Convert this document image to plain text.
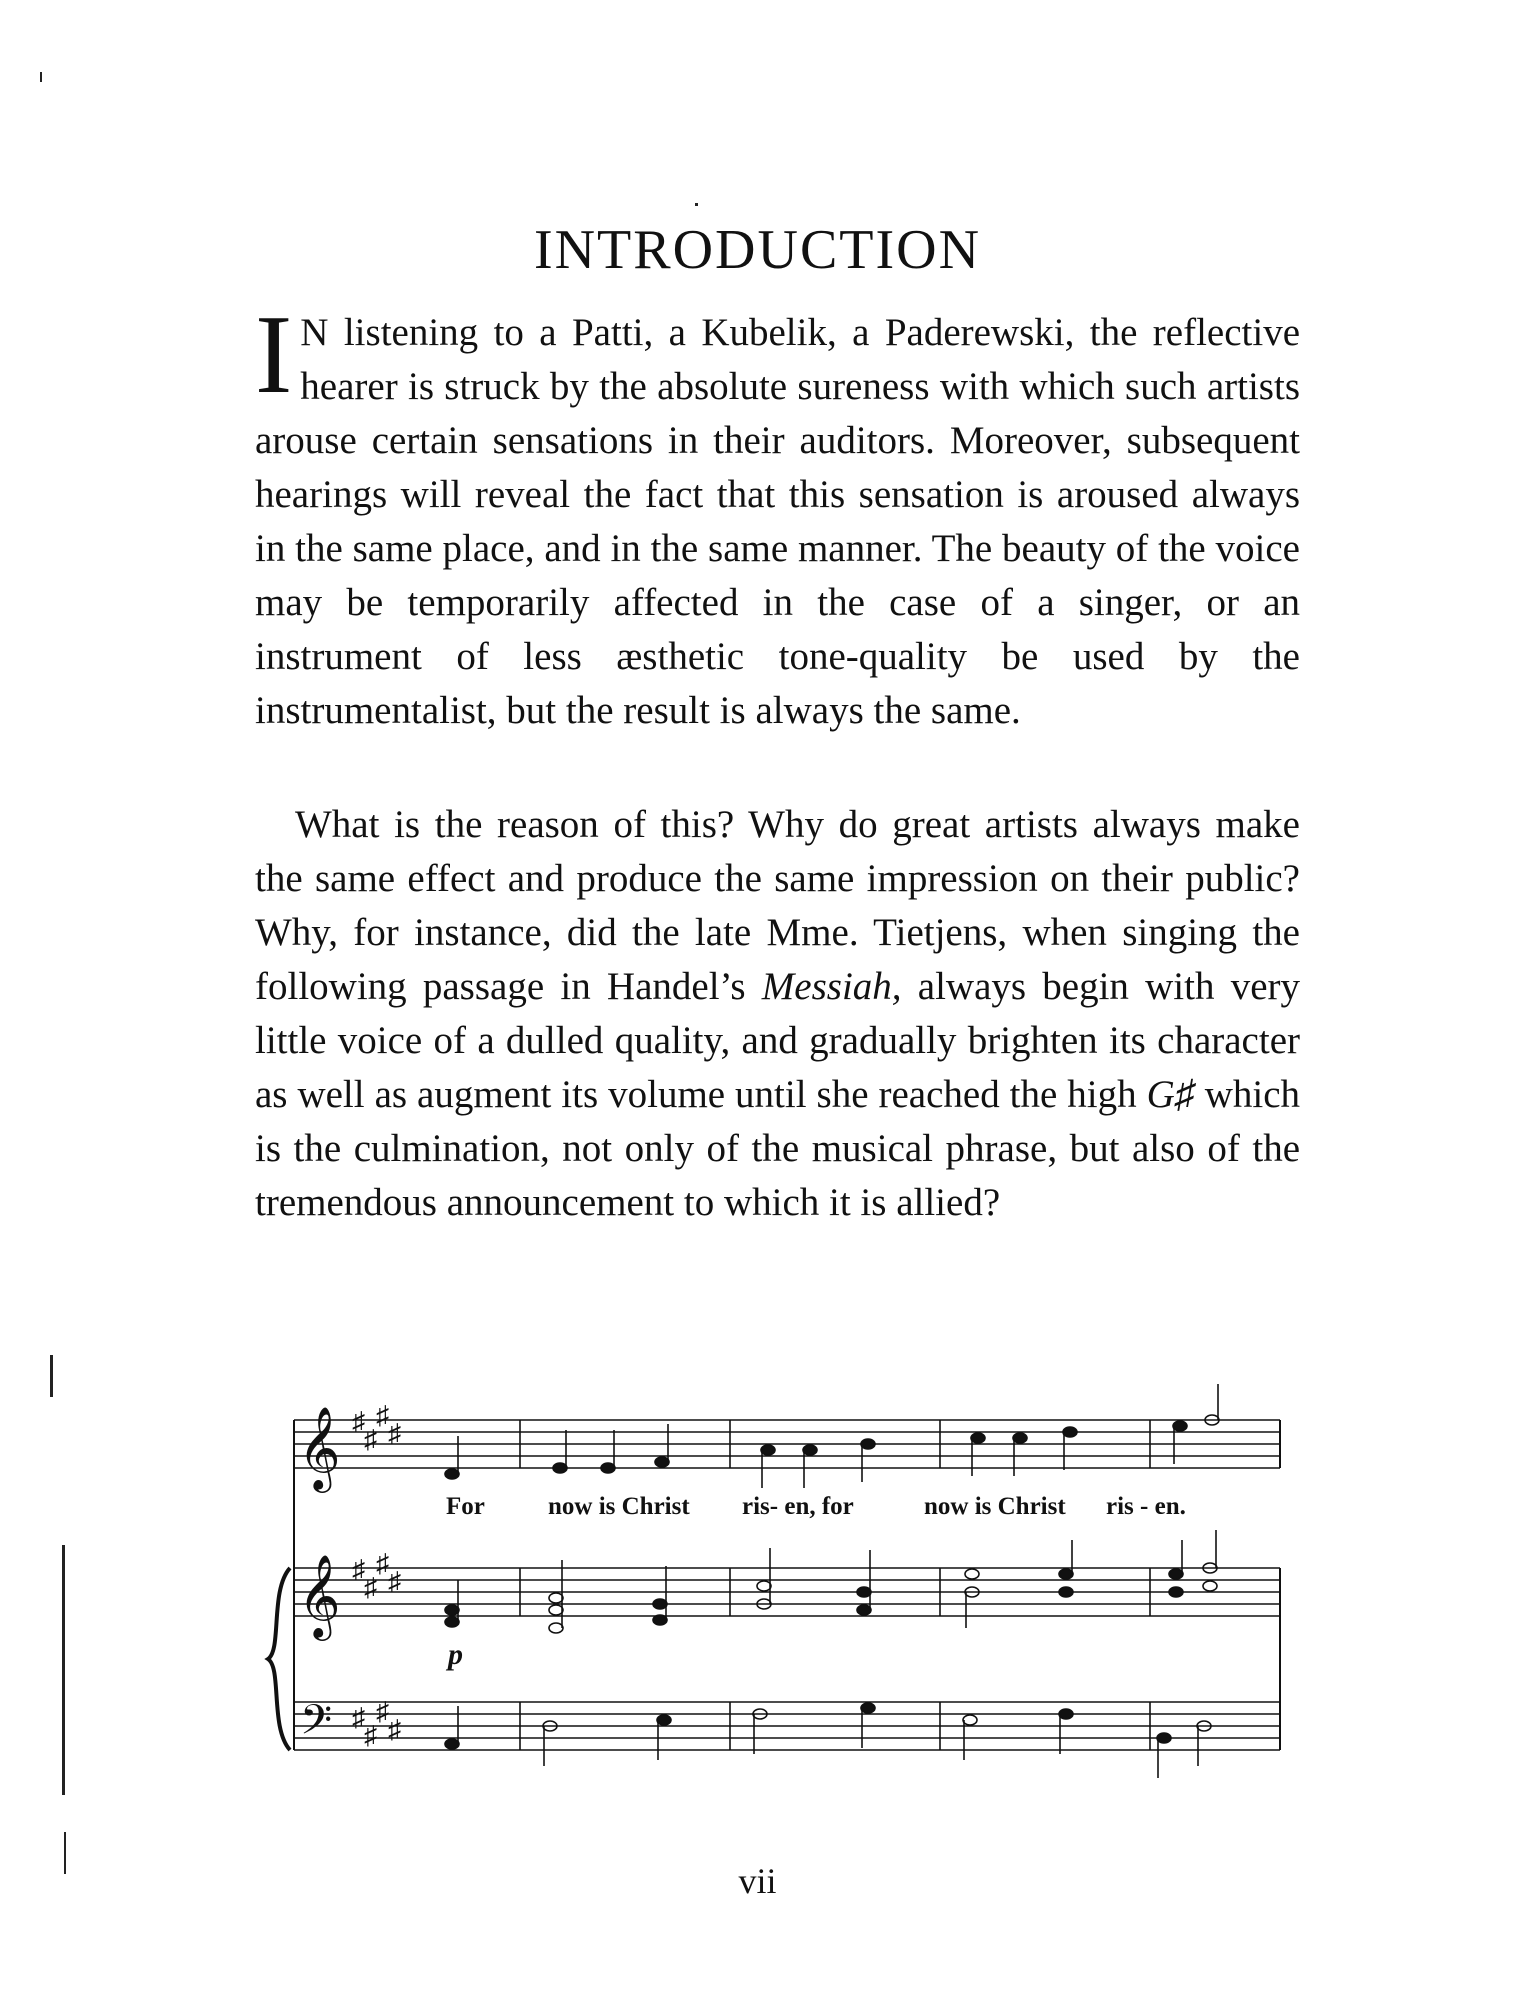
INTRODUCTION

I N listening to a Patti, a Kubelik, a Paderewski, the reflective hearer is struck by the absolute sureness with which such artists arouse certain sensations in their auditors. Moreover, subsequent hearings will reveal the fact that this sensation is aroused always in the same place, and in the same manner. The beauty of the voice may be temporarily affected in the case of a singer, or an instrument of less æsthetic tone-quality be used by the instrumentalist, but the result is always the same.

What is the reason of this? Why do great artists always make the same effect and produce the same impression on their public? Why, for instance, did the late Mme. Tietjens, when singing the following passage in Handel’s Messiah, always begin with very little voice of a dulled quality, and gradually brighten its character as well as augment its volume until she reached the high G♯ which is the culmination, not only of the musical phrase, but also of the tremendous announcement to which it is allied?

𝄞
𝄞
𝄢
♯
♯
♯
♯
♯
♯
♯
♯
♯
♯
♯
♯
For	now is Christ ris- en, for	now is Christ ris - en.
p
vii
